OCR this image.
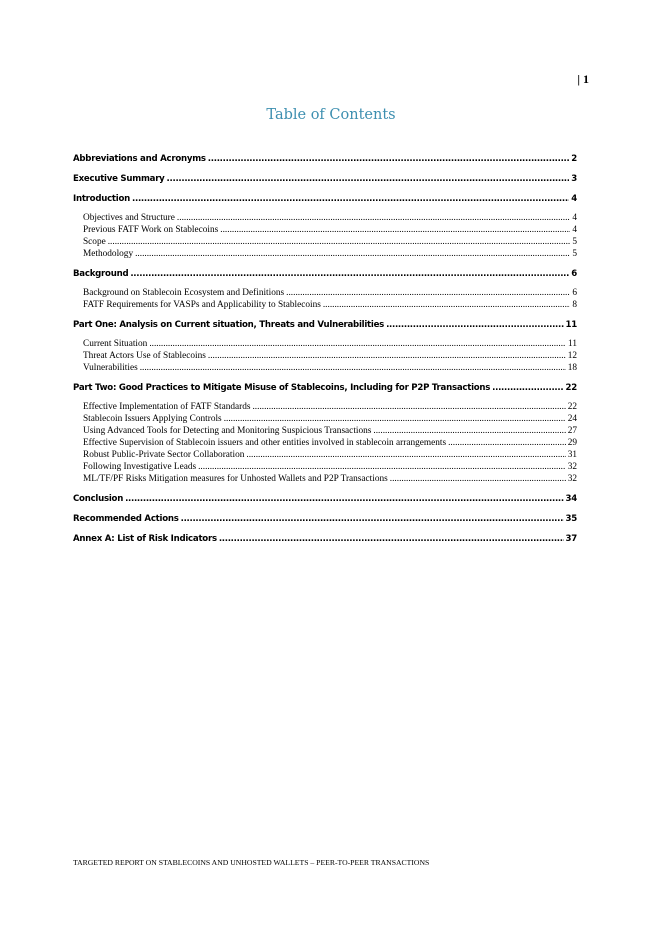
| 1
Table of Contents
Abbreviations and Acronyms .....	2
Executive Summary .....	3
Introduction .....	4
Objectives and Structure .....	4
Previous FATF Work on Stablecoins .....	4
Scope .....	5
Methodology .....	5
Background .....	6
Background on Stablecoin Ecosystem and Definitions .....	6
FATF Requirements for VASPs and Applicability to Stablecoins .....	8
Part One: Analysis on Current situation, Threats and Vulnerabilities .....	11
Current Situation .....	11
Threat Actors Use of Stablecoins .....	12
Vulnerabilities .....	18
Part Two: Good Practices to Mitigate Misuse of Stablecoins, Including for P2P Transactions .....	22
Effective Implementation of FATF Standards .....	22
Stablecoin Issuers Applying Controls .....	24
Using Advanced Tools for Detecting and Monitoring Suspicious Transactions .....	27
Effective Supervision of Stablecoin issuers and other entities involved in stablecoin arrangements .....	29
Robust Public-Private Sector Collaboration .....	31
Following Investigative Leads .....	32
ML/TF/PF Risks Mitigation measures for Unhosted Wallets and P2P Transactions .....	32
Conclusion .....	34
Recommended Actions .....	35
Annex A: List of Risk Indicators .....	37
TARGETED REPORT ON STABLECOINS AND UNHOSTED WALLETS – PEER-TO-PEER TRANSACTIONS
